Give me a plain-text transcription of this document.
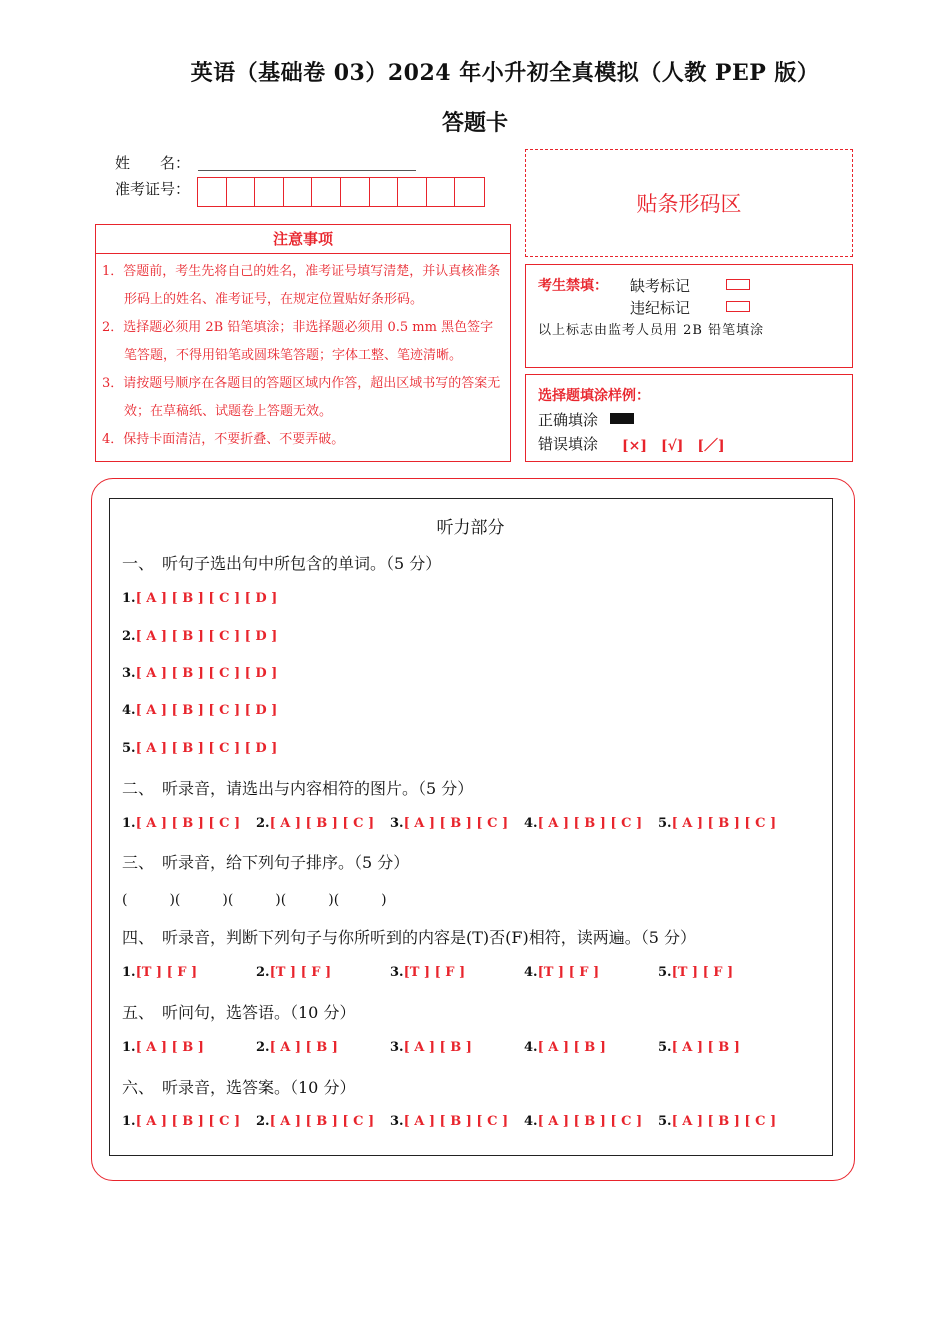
英语（基础卷 03）2024 年小升初全真模拟（人教 PEP 版）
答题卡
姓　　名：
准考证号：
贴条形码区
注意事项
1．答题前，考生先将自己的姓名，准考证号填写清楚，并认真核准条形码上的姓名、准考证号，在规定位置贴好条形码。
2．选择题必须用 2B 铅笔填涂；非选择题必须用 0.5 mm 黑色签字笔答题，不得用铅笔或圆珠笔答题；字体工整、笔迹清晰。
3．请按题号顺序在各题目的答题区域内作答，超出区域书写的答案无效；在草稿纸、试题卷上答题无效。
4．保持卡面清洁，不要折叠、不要弄破。
考生禁填： 缺考标记
违纪标记
以上标志由监考人员用 2B 铅笔填涂
选择题填涂样例：
正确填涂
错误填涂 [×]　[√]　[／]
听力部分
一、　听句子选出句中所包含的单词。（5 分）
1.[ A ] [ B ] [ C ] [ D ]
2.[ A ] [ B ] [ C ] [ D ]
3.[ A ] [ B ] [ C ] [ D ]
4.[ A ] [ B ] [ C ] [ D ]
5.[ A ] [ B ] [ C ] [ D ]
二、　听录音，请选出与内容相符的图片。（5 分）
1.[ A ] [ B ] [ C ] 2.[ A ] [ B ] [ C ] 3.[ A ] [ B ] [ C ] 4.[ A ] [ B ] [ C ] 5.[ A ] [ B ] [ C ]
三、　听录音，给下列句子排序。（5 分）
(　　　)(　　　)(　　　)(　　　)(　　　)
四、　听录音，判断下列句子与你所听到的内容是(T)否(F)相符，读两遍。（5 分）
1.[T ] [ F ]	2.[T ] [ F ]	3.[T ] [ F ]	4.[T ] [ F ]	5.[T ] [ F ]
五、　听问句，选答语。（10 分）
1.[ A ] [ B ]	2.[ A ] [ B ]	3.[ A ] [ B ]	4.[ A ] [ B ]	5.[ A ] [ B ]
六、　听录音，选答案。（10 分）
1.[ A ] [ B ] [ C ] 2.[ A ] [ B ] [ C ] 3.[ A ] [ B ] [ C ] 4.[ A ] [ B ] [ C ] 5.[ A ] [ B ] [ C ]
